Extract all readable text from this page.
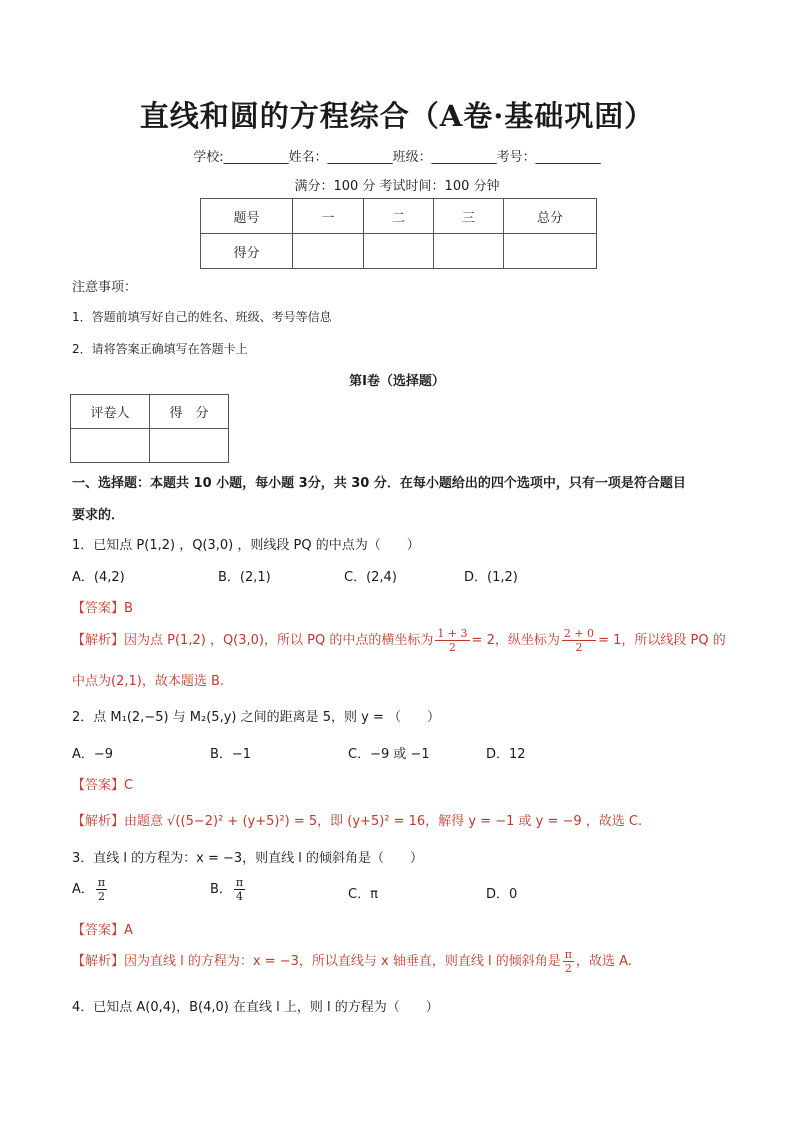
直线和圆的方程综合（A卷·基础巩固）
学校:__________姓名：__________班级：__________考号：__________
满分：100 分 考试时间：100 分钟
题号	一	二	三	总分
得分				
注意事项：
1．答题前填写好自己的姓名、班级、考号等信息
2．请将答案正确填写在答题卡上
第Ⅰ卷（选择题）
评卷人	得　分

一、选择题：本题共 10 小题，每小题 3分，共 30 分．在每小题给出的四个选项中，只有一项是符合题目
要求的．
1．已知点 P(1,2) ，Q(3,0) ，则线段 PQ 的中点为（　　）
A．(4,2)	B．(2,1)	C．(2,4)	D．(1,2)
【答案】B
【解析】因为点 P(1,2) ，Q(3,0)，所以 PQ 的中点的横坐标为 $\frac{1 + 3}{2} = 2$，纵坐标为 $\frac{2 + 0}{2} = 1$，所以线段 PQ 的
中点为(2,1)，故本题选 B.
2．点 M₁(2,−5) 与 M₂(5,y) 之间的距离是 5，则 y = （　　）
A．−9	B．−1	C．−9 或 −1	D．12
【答案】C
【解析】由题意 √((5−2)² + (y+5)²) = 5，即 (y+5)² = 16，解得 y = −1 或 y = −9 ，故选 C.
3．直线 l 的方程为：x = −3，则直线 l 的倾斜角是（　　）
A． $\frac{\pi}{2}$	B． $\frac{\pi}{4}$	C．π	D．0
【答案】A
【解析】因为直线 l 的方程为：x = −3，所以直线与 x 轴垂直，则直线 l 的倾斜角是 $\frac{\pi}{2}$ ，故选 A.
4．已知点 A(0,4)，B(4,0) 在直线 l 上，则 l 的方程为（　　）
